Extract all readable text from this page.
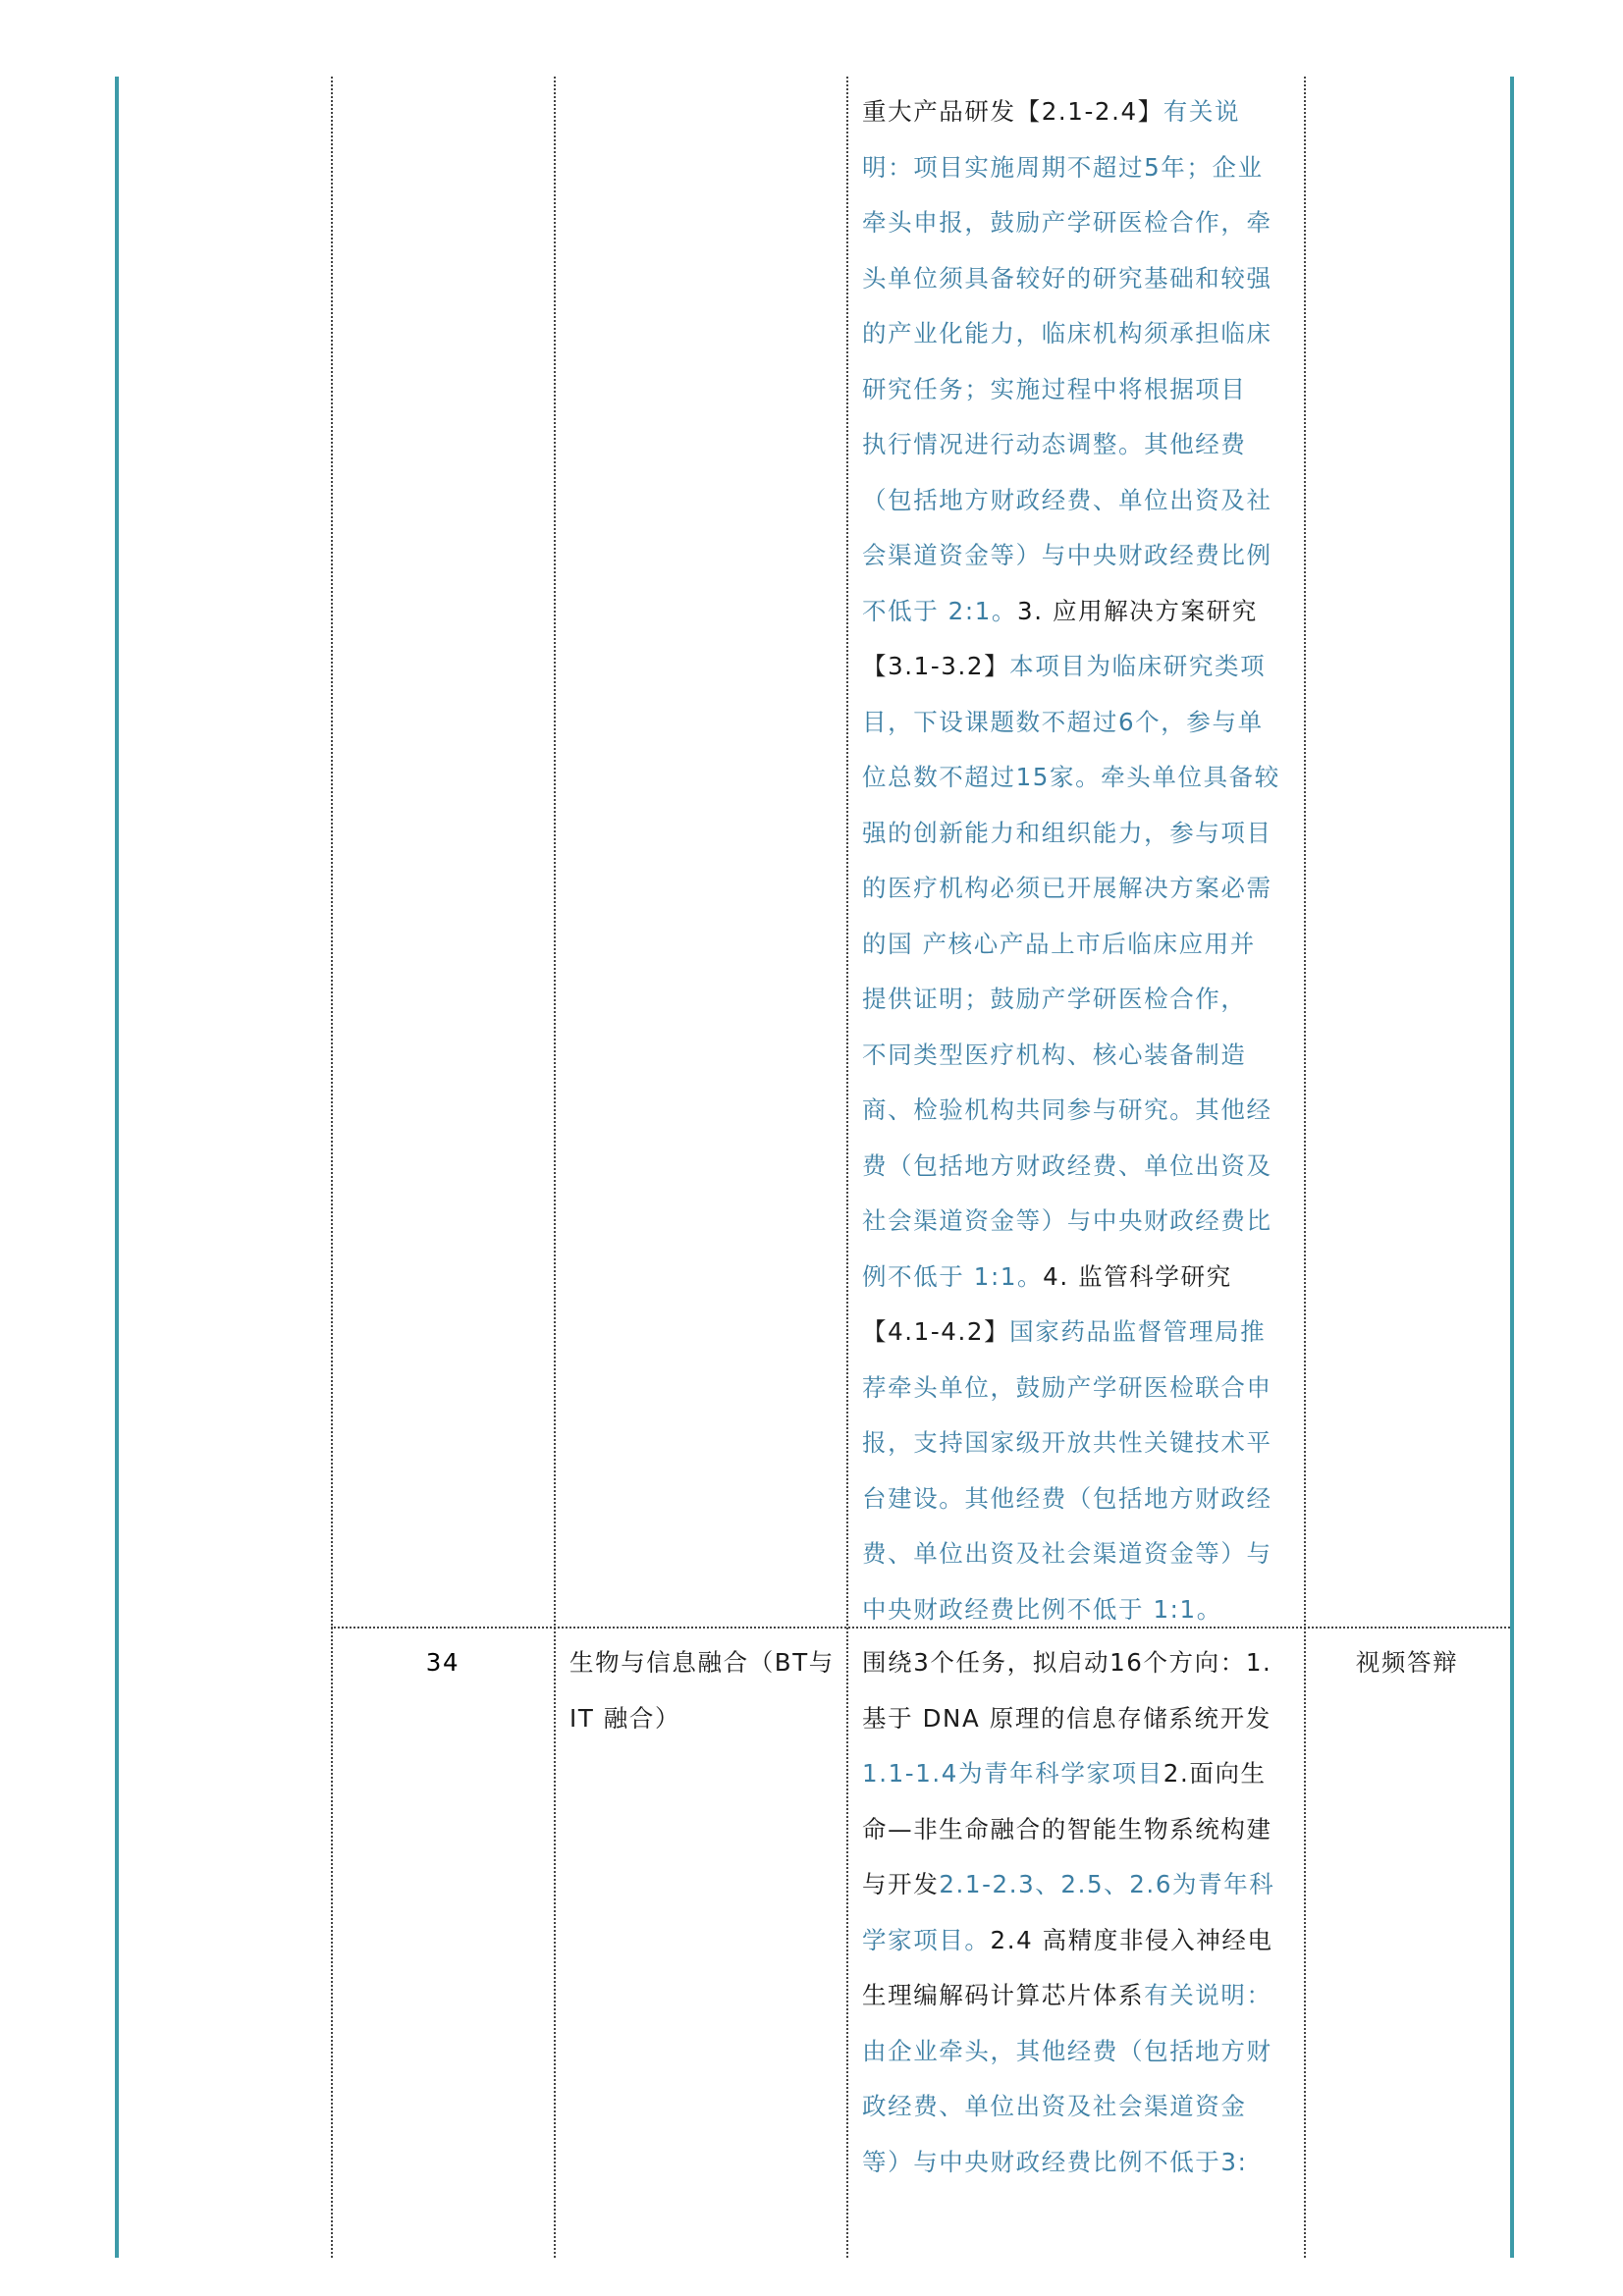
重大产品研发【2.1-2.4】有关说
明：项目实施周期不超过5年；企业
牵头申报，鼓励产学研医检合作，牵
头单位须具备较好的研究基础和较强
的产业化能力，临床机构须承担临床
研究任务；实施过程中将根据项目
执行情况进行动态调整。其他经费
（包括地方财政经费、单位出资及社
会渠道资金等）与中央财政经费比例
不低于 2:1。3. 应用解决方案研究
【3.1-3.2】本项目为临床研究类项
目，下设课题数不超过6个，参与单
位总数不超过15家。牵头单位具备较
强的创新能力和组织能力，参与项目
的医疗机构必须已开展解决方案必需
的国 产核心产品上市后临床应用并
提供证明；鼓励产学研医检合作，
不同类型医疗机构、核心装备制造
商、检验机构共同参与研究。其他经
费（包括地方财政经费、单位出资及
社会渠道资金等）与中央财政经费比
例不低于 1:1。4. 监管科学研究
【4.1-4.2】国家药品监督管理局推
荐牵头单位，鼓励产学研医检联合申
报，支持国家级开放共性关键技术平
台建设。其他经费（包括地方财政经
费、单位出资及社会渠道资金等）与
中央财政经费比例不低于 1:1。
34	生物与信息融合（BT与
IT 融合）
围绕3个任务，拟启动16个方向：1.
基于 DNA 原理的信息存储系统开发
1.1-1.4为青年科学家项目2.面向生
命—非生命融合的智能生物系统构建
与开发2.1-2.3、2.5、2.6为青年科
学家项目。2.4 高精度非侵入神经电
生理编解码计算芯片体系有关说明：
由企业牵头，其他经费（包括地方财
政经费、单位出资及社会渠道资金
等）与中央财政经费比例不低于3:
视频答辩
